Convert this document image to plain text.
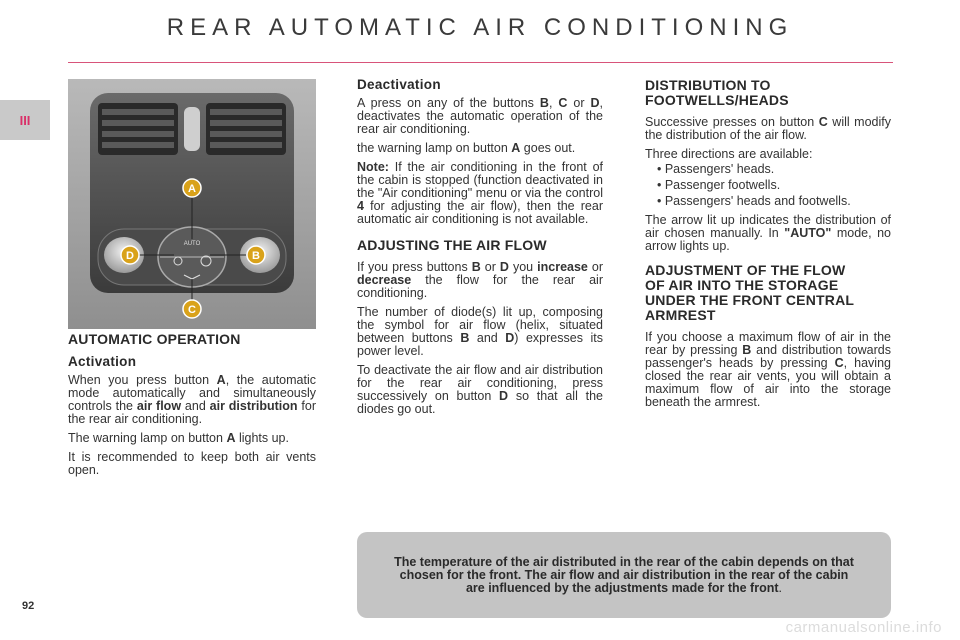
REAR AUTOMATIC AIR CONDITIONING
III
AUTO
A
D	B
C
AUTOMATIC OPERATION
Activation

When you press button A, the automatic mode automatically and simultaneously controls the air flow and air distribution for the rear air conditioning.

The warning lamp on button A lights up.

It is recommended to keep both air vents open.

Deactivation

A press on any of the buttons B, C or D, deactivates the automatic operation of the rear air conditioning.

the warning lamp on button A goes out.

Note: If the air conditioning in the front of the cabin is stopped (function deactivated in the "Air conditioning" menu or via the control 4 for adjusting the air flow), then the rear automatic air conditioning is not available.

ADJUSTING THE AIR FLOW

If you press buttons B or D you increase or decrease the flow for the rear air conditioning.

The number of diode(s) lit up, composing the symbol for air flow (helix, situated between buttons B and D) expresses its power level.

To deactivate the air flow and air distribution for the rear air conditioning, press successively on button D so that all the diodes go out.

DISTRIBUTION TO
FOOTWELLS/HEADS

Successive presses on button C will modify the distribution of the air flow.

Three directions are available:

• Passengers' heads.
• Passenger footwells.
• Passengers' heads and footwells.

The arrow lit up indicates the distribution of air chosen manually. In "AUTO" mode, no arrow lights up.

ADJUSTMENT OF THE FLOW
OF AIR INTO THE STORAGE
UNDER THE FRONT CENTRAL
ARMREST

If you choose a maximum flow of air in the rear by pressing B and distribution towards passenger's heads by pressing C, having closed the rear air vents, you will obtain a maximum flow of air into the storage beneath the armrest.

The temperature of the air distributed in the rear of the cabin depends on that chosen for the front. The air flow and air distribution in the rear of the cabin are influenced by the adjustments made for the front.
92
carmanualsonline.info
